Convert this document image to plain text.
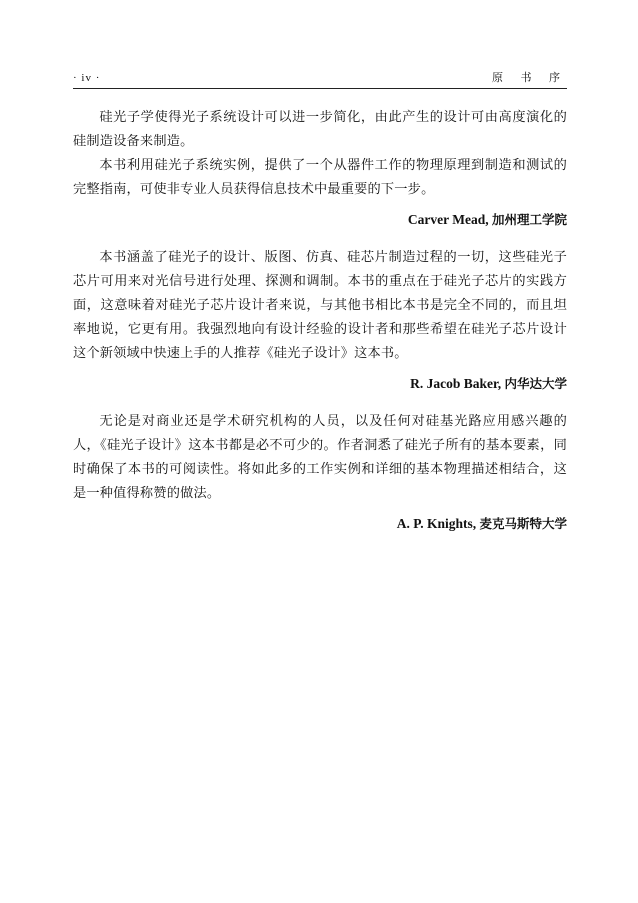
· iv ·	原 书 序

硅光子学使得光子系统设计可以进一步简化，由此产生的设计可由高度演化的硅制造设备来制造。

本书利用硅光子系统实例，提供了一个从器件工作的物理原理到制造和测试的完整指南，可使非专业人员获得信息技术中最重要的下一步。

Carver Mead, 加州理工学院

本书涵盖了硅光子的设计、版图、仿真、硅芯片制造过程的一切，这些硅光子芯片可用来对光信号进行处理、探测和调制。本书的重点在于硅光子芯片的实践方面，这意味着对硅光子芯片设计者来说，与其他书相比本书是完全不同的，而且坦率地说，它更有用。我强烈地向有设计经验的设计者和那些希望在硅光子芯片设计这个新领域中快速上手的人推荐《硅光子设计》这本书。

R. Jacob Baker, 内华达大学

无论是对商业还是学术研究机构的人员，以及任何对硅基光路应用感兴趣的人，《硅光子设计》这本书都是必不可少的。作者洞悉了硅光子所有的基本要素，同时确保了本书的可阅读性。将如此多的工作实例和详细的基本物理描述相结合，这是一种值得称赞的做法。

A. P. Knights, 麦克马斯特大学
